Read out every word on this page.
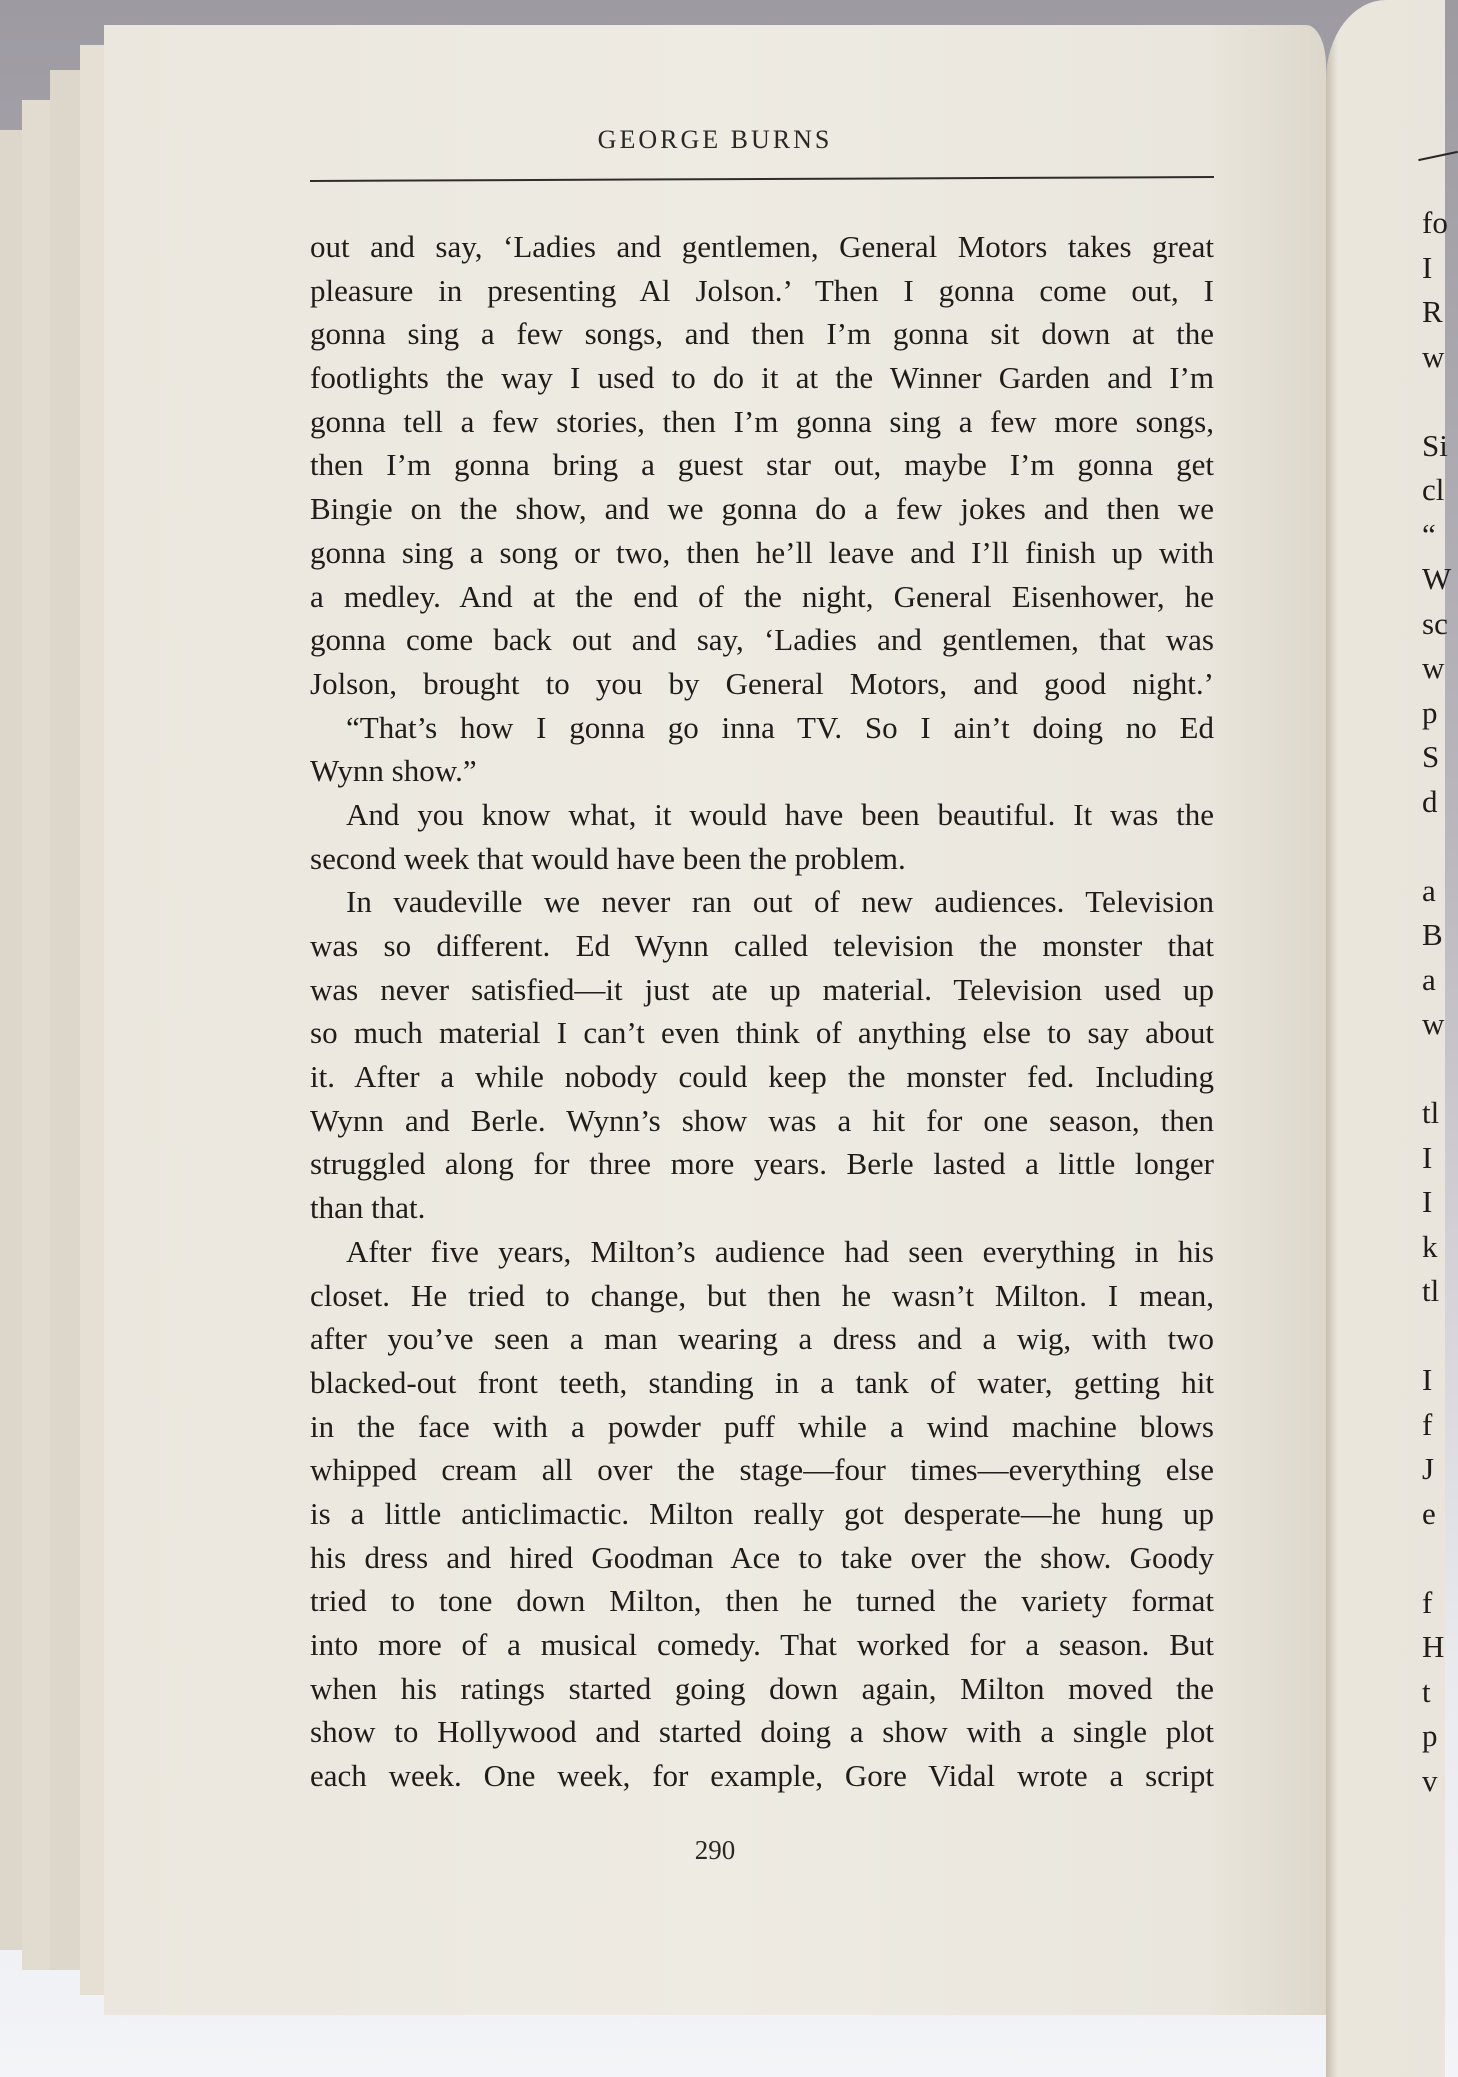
GEORGE BURNS
out and say, ‘Ladies and gentlemen, General Motors takes great
pleasure in presenting Al Jolson.’ Then I gonna come out, I
gonna sing a few songs, and then I’m gonna sit down at the
footlights the way I used to do it at the Winner Garden and I’m
gonna tell a few stories, then I’m gonna sing a few more songs,
then I’m gonna bring a guest star out, maybe I’m gonna get
Bingie on the show, and we gonna do a few jokes and then we
gonna sing a song or two, then he’ll leave and I’ll finish up with
a medley. And at the end of the night, General Eisenhower, he
gonna come back out and say, ‘Ladies and gentlemen, that was
Jolson, brought to you by General Motors, and good night.’
“That’s how I gonna go inna TV. So I ain’t doing no Ed
Wynn show.”
And you know what, it would have been beautiful. It was the
second week that would have been the problem.
In vaudeville we never ran out of new audiences. Television
was so different. Ed Wynn called television the monster that
was never satisfied—it just ate up material. Television used up
so much material I can’t even think of anything else to say about
it. After a while nobody could keep the monster fed. Including
Wynn and Berle. Wynn’s show was a hit for one season, then
struggled along for three more years. Berle lasted a little longer
than that.
After five years, Milton’s audience had seen everything in his
closet. He tried to change, but then he wasn’t Milton. I mean,
after you’ve seen a man wearing a dress and a wig, with two
blacked-out front teeth, standing in a tank of water, getting hit
in the face with a powder puff while a wind machine blows
whipped cream all over the stage—four times—everything else
is a little anticlimactic. Milton really got desperate—he hung up
his dress and hired Goodman Ace to take over the show. Goody
tried to tone down Milton, then he turned the variety format
into more of a musical comedy. That worked for a season. But
when his ratings started going down again, Milton moved the
show to Hollywood and started doing a show with a single plot
each week. One week, for example, Gore Vidal wrote a script
290
fo
I
R
w
Si
cl
“
W
sc
w
p
S
d
a
B
a
w
tl
I
I
k
tl
I
f
J
e
f
H
t
p
v
